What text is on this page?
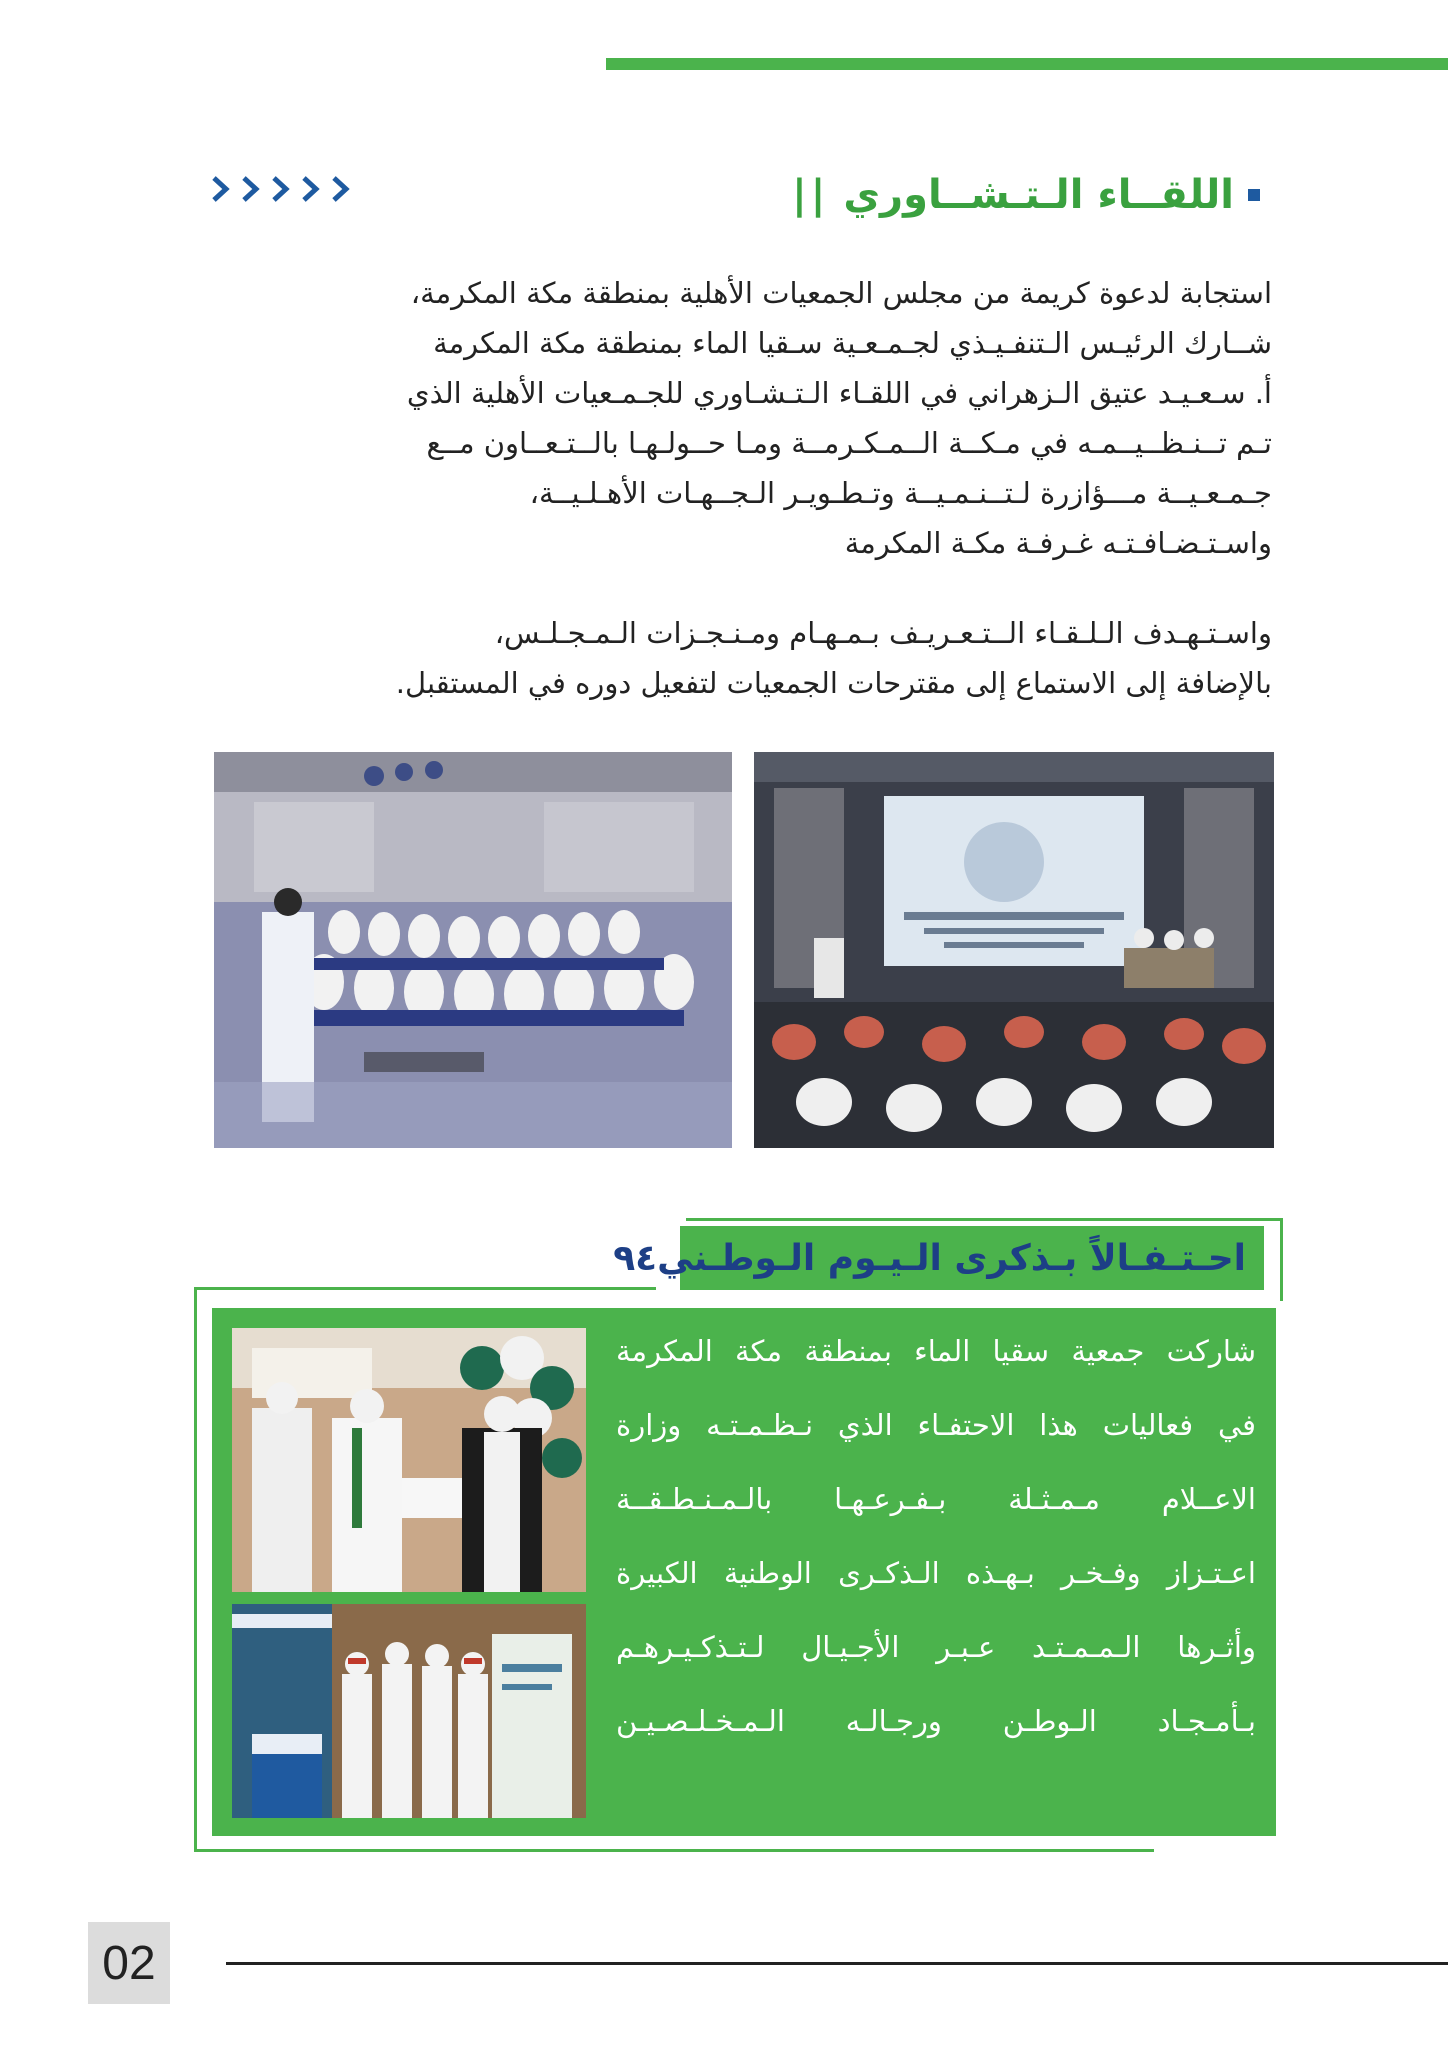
اللقــاء الـتـشــاوري
||

استجابة لدعوة كريمة من مجلس الجمعيات الأهلية بمنطقة مكة المكرمة،

شــارك الرئيـس الـتنفـيـذي لجـمـعـية سـقيا الماء بمنطقة مكة المكرمة

أ. سـعـيـد عتيق الـزهراني في اللقـاء الـتـشـاوري للجـمـعيات الأهلية الذي

تـم تــنـظــيــمـه في مـكــة الــمـكـرمــة ومـا حــولـهـا بالــتـعــاون مــع

جـمـعـيــة مـــؤازرة لـتــنـمـيــة وتـطـويـر الـجــهـات الأهـلـيــة،

واسـتـضـافـتـه غـرفـة مكـة المكرمة

واسـتـهـدف الـلـقـاء الــتـعـريـف بـمـهـام ومـنـجـزات الـمـجـلـس،

بالإضافة إلى الاستماع إلى مقترحات الجمعيات لتفعيل دوره في المستقبل.

احـتـفـالاً بـذكرى الـيـوم الـوطـني٩٤

شاركت جمعية سقيا الماء بمنطقة مكة المكرمة

في فعاليات هذا الاحتفـاء الذي نـظـمـتـه وزارة

الاعــلام مـمـثـلة بـفـرعـهـا بالـمـنـطـقــة

اعـتـزاز وفـخـر بـهـذه الـذكـرى الوطنية الكبيرة

وأثـرها الـمـمـتـد عـبـر الأجـيـال لـتـذكـيـرهـم

بـأمـجـاد الـوطـن ورجـالـه الـمـخـلـصـيـن

02
